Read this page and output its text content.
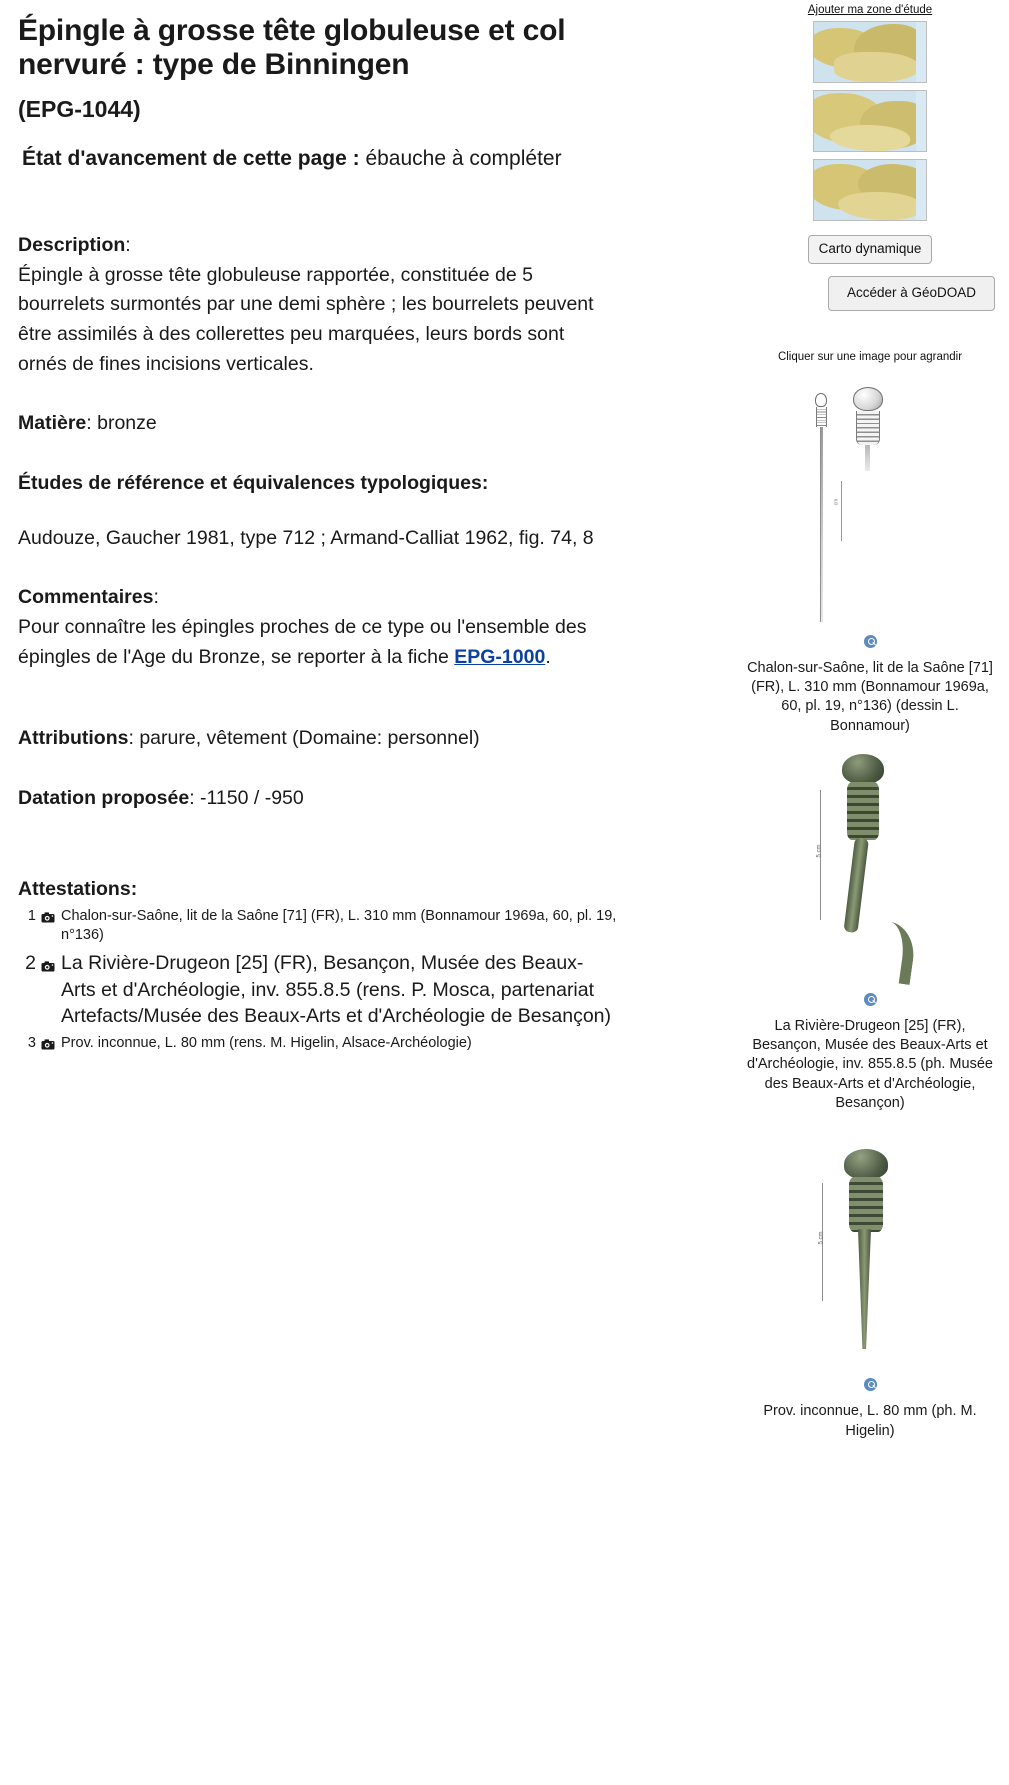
Épingle à grosse tête globuleuse et col nervuré : type de Binningen
(EPG-1044)
État d'avancement de cette page : ébauche à compléter
Description:
Épingle à grosse tête globuleuse rapportée, constituée de 5 bourrelets surmontés par une demi sphère ; les bourrelets peuvent être assimilés à des collerettes peu marquées, leurs bords sont ornés de fines incisions verticales.
Matière: bronze
Études de référence et équivalences typologiques:
Audouze, Gaucher 1981, type 712 ; Armand-Calliat 1962, fig. 74, 8
Commentaires:
Pour connaître les épingles proches de ce type ou l'ensemble des épingles de l'Age du Bronze, se reporter à la fiche EPG-1000.
Attributions: parure, vêtement (Domaine: personnel)
Datation proposée: -1150 / -950
Attestations:
1 Chalon-sur-Saône, lit de la Saône [71] (FR), L. 310 mm (Bonnamour 1969a, 60, pl. 19, n°136)
2 La Rivière-Drugeon [25] (FR), Besançon, Musée des Beaux-Arts et d'Archéologie, inv. 855.8.5 (rens. P. Mosca, partenariat Artefacts/Musée des Beaux-Arts et d'Archéologie de Besançon)
3 Prov. inconnue, L. 80 mm (rens. M. Higelin, Alsace-Archéologie)
Ajouter ma zone d'étude
Carto dynamique
Accéder à GéoDOAD
Cliquer sur une image pour agrandir
cm
Chalon-sur-Saône, lit de la Saône [71] (FR), L. 310 mm (Bonnamour 1969a, 60, pl. 19, n°136) (dessin L. Bonnamour)
5 cm
La Rivière-Drugeon [25] (FR), Besançon, Musée des Beaux-Arts et d'Archéologie, inv. 855.8.5 (ph. Musée des Beaux-Arts et d'Archéologie, Besançon)
5 cm
Prov. inconnue, L. 80 mm (ph. M. Higelin)
